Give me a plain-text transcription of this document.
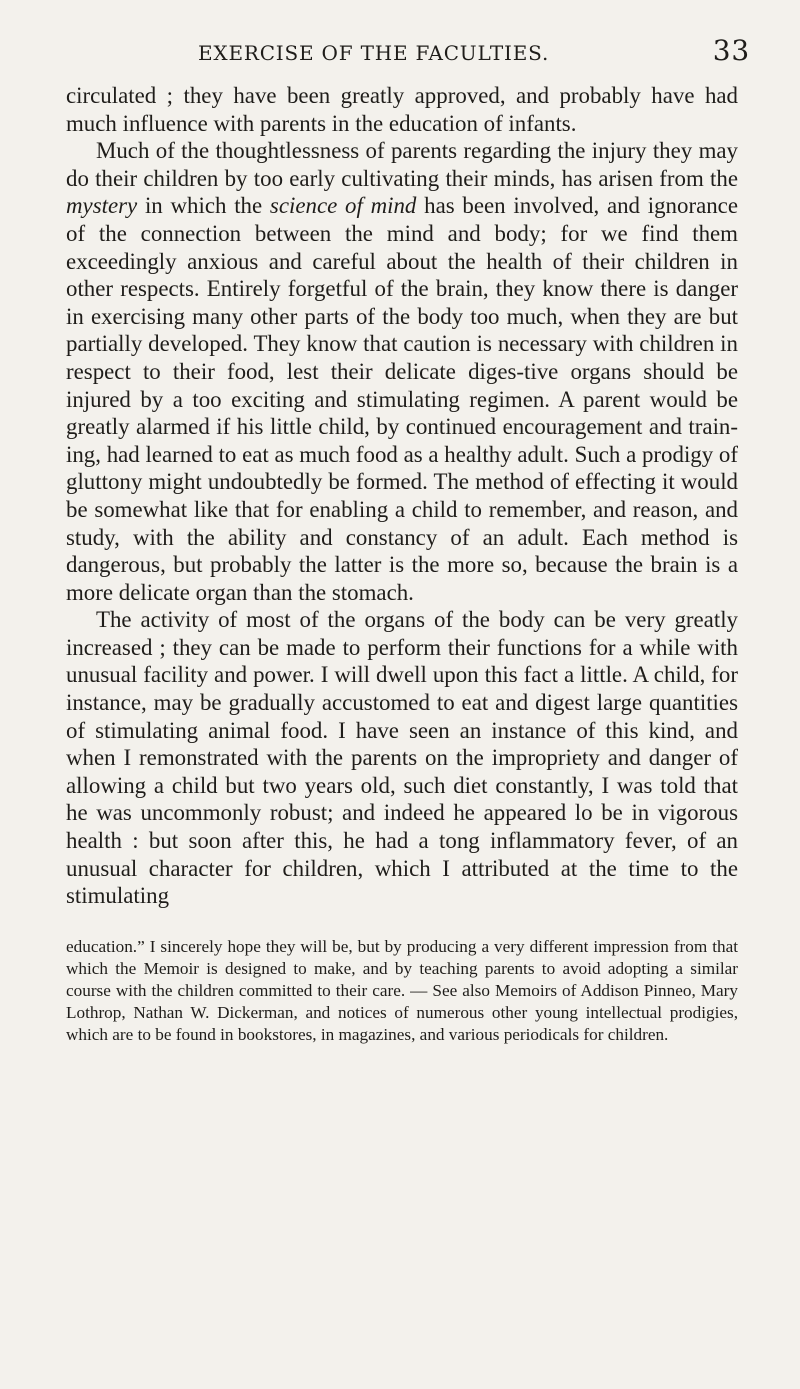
EXERCISE OF THE FACULTIES.	33

circulated ; they have been greatly approved, and probably have had much influence with parents in the education of infants.

Much of the thoughtlessness of parents regarding the injury they may do their children by too early cultivating their minds, has arisen from the mystery in which the science of mind has been involved, and ignorance of the connection between the mind and body; for we find them exceedingly anxious and careful about the health of their children in other respects. Entirely forgetful of the brain, they know there is danger in exercising many other parts of the body too much, when they are but partially developed. They know that caution is necessary with children in respect to their food, lest their delicate diges-tive organs should be injured by a too exciting and stimulating regimen. A parent would be greatly alarmed if his little child, by continued encouragement and train-ing, had learned to eat as much food as a healthy adult. Such a prodigy of gluttony might undoubtedly be formed. The method of effecting it would be somewhat like that for enabling a child to remember, and reason, and study, with the ability and constancy of an adult. Each method is dangerous, but probably the latter is the more so, because the brain is a more delicate organ than the stomach.

The activity of most of the organs of the body can be very greatly increased ; they can be made to perform their functions for a while with unusual facility and power. I will dwell upon this fact a little. A child, for instance, may be gradually accustomed to eat and digest large quantities of stimulating animal food. I have seen an instance of this kind, and when I remonstrated with the parents on the impropriety and danger of allowing a child but two years old, such diet constantly, I was told that he was uncommonly robust; and indeed he appeared lo be in vigorous health : but soon after this, he had a tong inflammatory fever, of an unusual character for children, which I attributed at the time to the stimulating

education.” I sincerely hope they will be, but by producing a very different impression from that which the Memoir is designed to make, and by teaching parents to avoid adopting a similar course with the children committed to their care. — See also Memoirs of Addison Pinneo, Mary Lothrop, Nathan W. Dickerman, and notices of numerous other young intellectual prodigies, which are to be found in bookstores, in magazines, and various periodicals for children.
